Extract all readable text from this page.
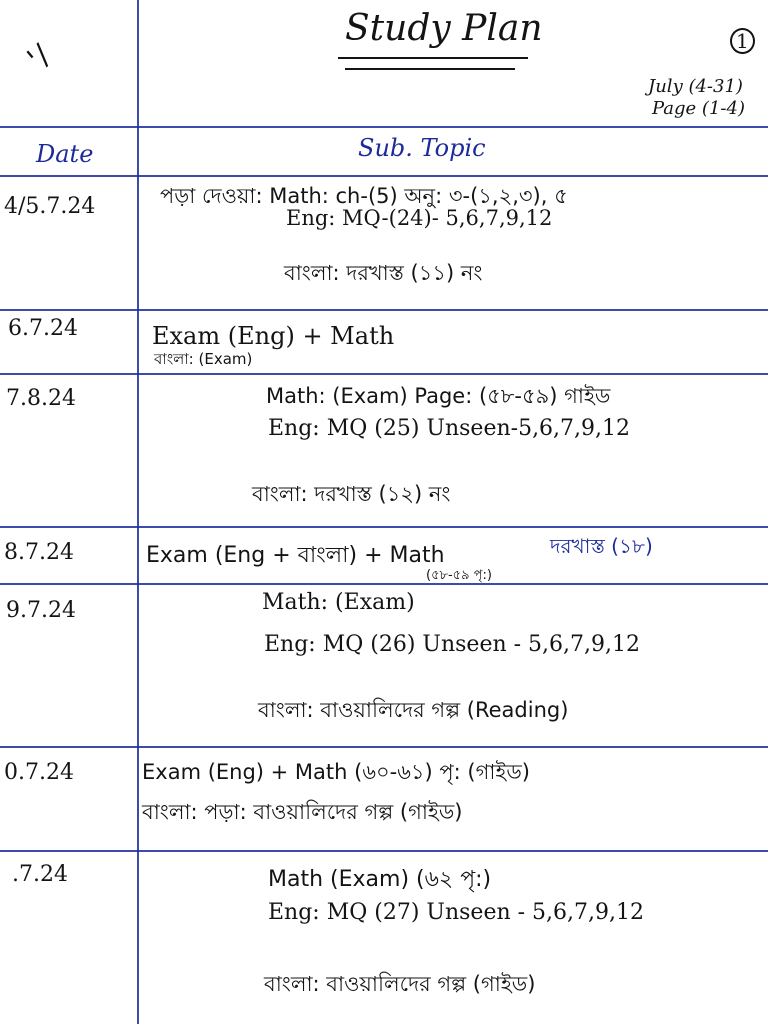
'/
Study Plan	1
July (4-31)
Page (1-4)
Date	Sub. Topic
4/5.7.24	পড়া দেওয়া: Math: ch-(5) অনু: ৩-(১,২,৩), ৫
Eng: MQ-(24)- 5,6,7,9,12
বাংলা: দরখাস্ত (১১) নং
6.7.24	Exam (Eng) + Math
বাংলা: (Exam)
7.8.24	Math: (Exam) Page: (৫৮-৫৯) গাইড
Eng: MQ (25) Unseen-5,6,7,9,12
বাংলা: দরখাস্ত (১২) নং
8.7.24	Exam (Eng + বাংলা) + Math
(৫৮-৫৯ পৃ:)
দরখাস্ত (১৮)
9.7.24	Math: (Exam)
Eng: MQ (26) Unseen - 5,6,7,9,12
বাংলা: বাওয়ালিদের গল্প (Reading)
0.7.24	Exam (Eng) + Math (৬০-৬১) পৃ: (গাইড)
বাংলা: পড়া: বাওয়ালিদের গল্প (গাইড)
.7.24	Math (Exam) (৬২ পৃ:)
Eng: MQ (27) Unseen - 5,6,7,9,12
বাংলা: বাওয়ালিদের গল্প (গাইড)
